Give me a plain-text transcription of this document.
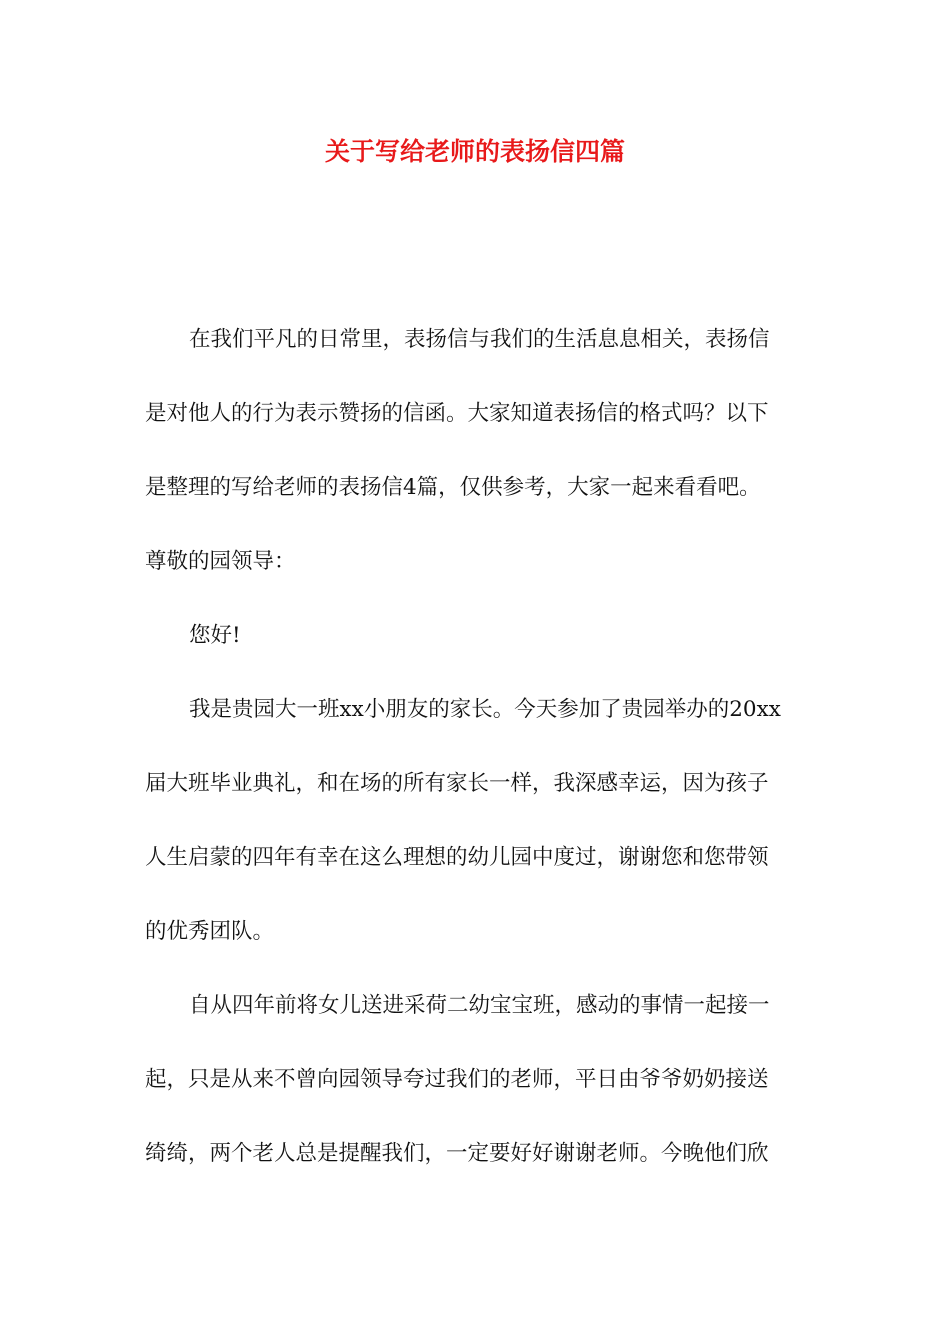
关于写给老师的表扬信四篇
在我们平凡的日常里，表扬信与我们的生活息息相关，表扬信
是对他人的行为表示赞扬的信函。大家知道表扬信的格式吗？以下
是整理的写给老师的表扬信4篇，仅供参考，大家一起来看看吧。
尊敬的园领导：
您好!
我是贵园大一班xx小朋友的家长。今天参加了贵园举办的20xx
届大班毕业典礼，和在场的所有家长一样，我深感幸运，因为孩子
人生启蒙的四年有幸在这么理想的幼儿园中度过，谢谢您和您带领
的优秀团队。
自从四年前将女儿送进采荷二幼宝宝班，感动的事情一起接一
起，只是从来不曾向园领导夸过我们的老师，平日由爷爷奶奶接送
绮绮，两个老人总是提醒我们，一定要好好谢谢老师。今晚他们欣
